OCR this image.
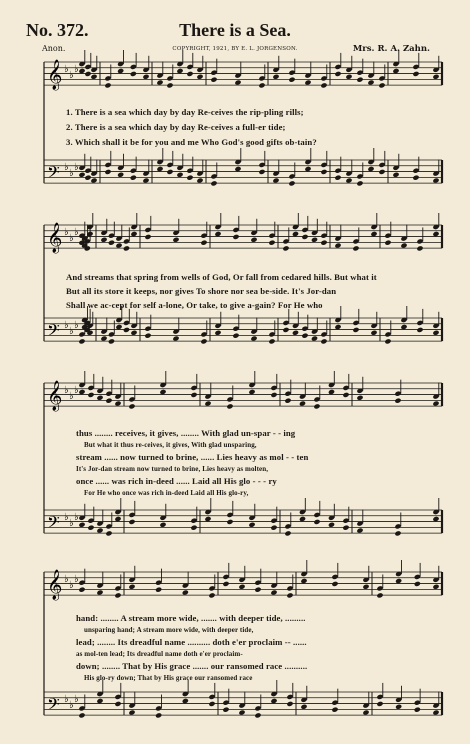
No. 372.	There is a Sea.
Anon.	COPYRIGHT, 1921, BY E. L. JORGENSON.	Mrs. R. A. Zahn.
𝄞 ♭
♭
♭
𝄢 ♭
♭
♭
𝄞 ♭
♭
♭
𝄢 ♭
♭
♭
𝄞 ♭
♭
♭
𝄢 ♭
♭
♭
𝄞 ♭
♭
♭
𝄢 ♭
♭
♭
1. There is a sea which day by day Re-ceives the rip-pling rills;
2. There is a sea which day by day Re-ceives a full-er tide;
3. Which shall it be for you and me Who God's good gifts ob-tain?
And streams that spring from wells of God, Or fall from cedared hills. But what it
But all its store it keeps, nor gives To shore nor sea be-side. It's Jor-dan
Shall we ac-cept for self a-lone, Or take, to give a-gain? For He who
thus ........ receives, it gives, ........ With glad un-spar - - ing
But what it thus re-ceives, it gives, With glad unsparing,
stream ...... now turned to brine, ...... Lies heavy as mol - - ten
It's Jor-dan stream now turned to brine, Lies heavy as molten,
once ...... was rich in-deed ...... Laid all His glo - - - ry
For He who once was rich in-deed Laid all His glo-ry,
hand: ........ A stream more wide, ....... with deeper tide, .........
unsparing hand; A stream more wide, with deeper tide,
lead; ........ Its dreadful name .......... doth e'er proclaim -- ......
as mol-ten lead; Its dreadful name doth e'er proclaim-
down; ........ That by His grace ....... our ransomed race ..........
His glo-ry down; That by His grace our ransomed race
